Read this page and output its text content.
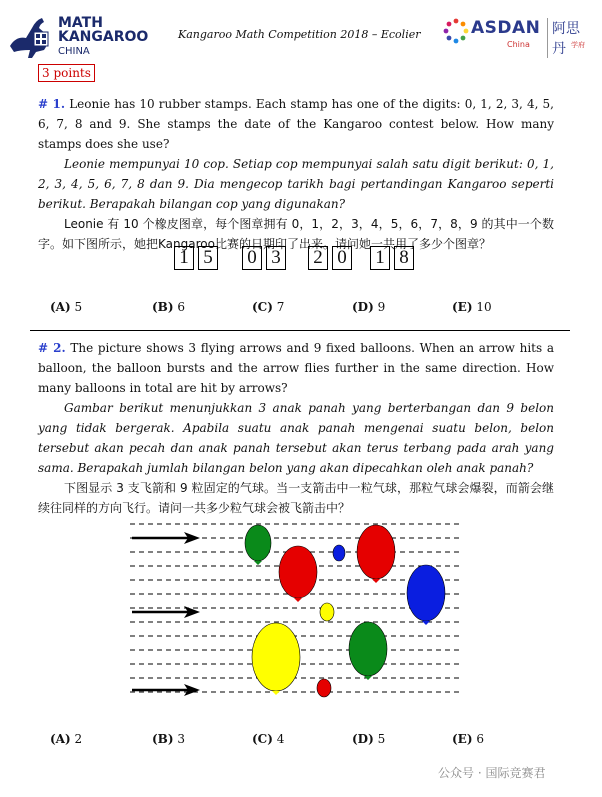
MATH
KANGAROO
CHINA
Kangaroo Math Competition 2018 – Ecolier	ASDAN 阿思丹
China	学府
3 points
# 1. Leonie has 10 rubber stamps. Each stamp has one of the digits: 0, 1, 2, 3, 4, 5, 6, 7, 8 and 9. She stamps the date of the Kangaroo contest below. How many stamps does she use?
Leonie mempunyai 10 cop. Setiap cop mempunyai salah satu digit berikut: 0, 1, 2, 3, 4, 5, 6, 7, 8 dan 9. Dia mengecop tarikh bagi pertandingan Kangaroo seperti berikut. Berapakah bilangan cop yang digunakan?
Leonie 有 10 个橡皮图章，每个图章拥有 0，1，2，3，4，5，6，7，8，9 的其中一个数字。如下图所示，她把Kangaroo比赛的日期印了出来。请问她一共用了多少个图章？
1 5 0 3 2 0 1 8
(A) 5	(B) 6	(C) 7	(D) 9	(E) 10
# 2. The picture shows 3 flying arrows and 9 fixed balloons. When an arrow hits a balloon, the balloon bursts and the arrow flies further in the same direction. How many balloons in total are hit by arrows?
Gambar berikut menunjukkan 3 anak panah yang berterbangan dan 9 belon yang tidak bergerak. Apabila suatu anak panah mengenai suatu belon, belon tersebut akan pecah dan anak panah tersebut akan terus terbang pada arah yang sama. Berapakah jumlah bilangan belon yang akan dipecahkan oleh anak panah?
下图显示 3 支飞箭和 9 粒固定的气球。当一支箭击中一粒气球，那粒气球会爆裂，而箭会继续往同样的方向飞行。请问一共多少粒气球会被飞箭击中？
(A) 2	(B) 3	(C) 4	(D) 5	(E) 6
公众号 · 国际竞赛君
